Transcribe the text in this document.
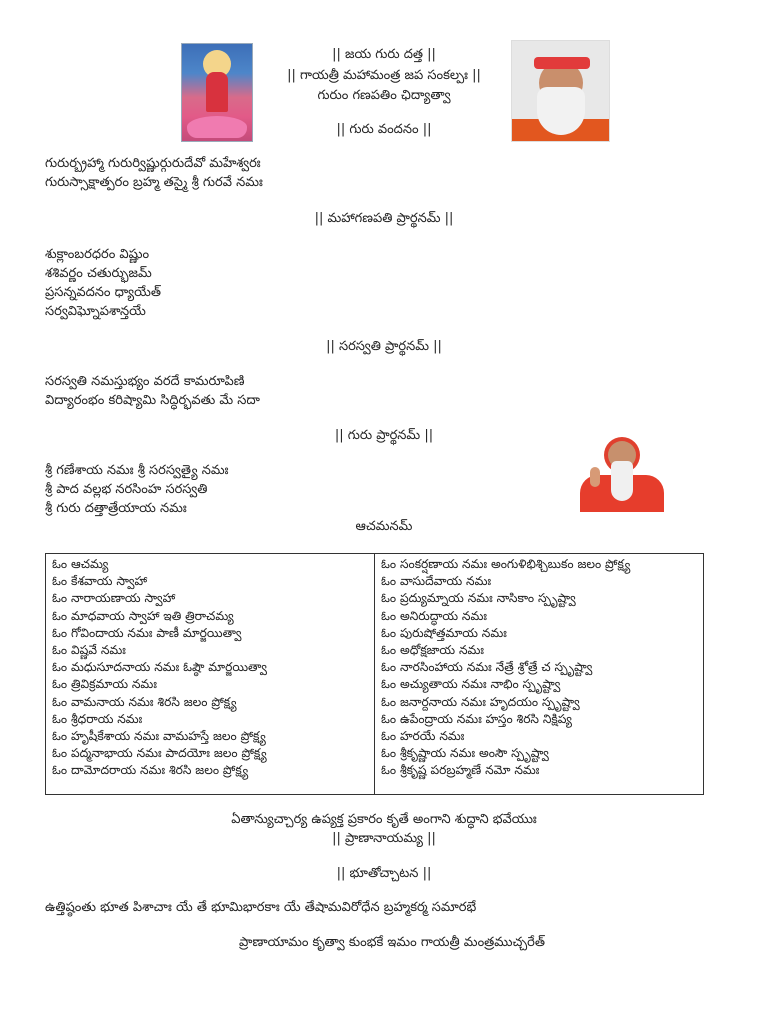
|| జయ గురు దత్త ||
|| గాయత్రీ మహామంత్ర జప సంకల్పః ||
గురుం గణపతిం ఛిద్యాత్వా
|| గురు వందనం ||
గురుర్బ్రహ్మా గురుర్విష్ణుర్గురుదేవో మహేశ్వరః
గురుస్సాక్షాత్పరం బ్రహ్మ తస్మై శ్రీ గురవే నమః
|| మహాగణపతి ప్రార్థనమ్ ||
శుక్లాంబరధరం విష్ణుం
శశివర్ణం చతుర్భుజమ్
ప్రసన్నవదనం ధ్యాయేత్
సర్వవిఘ్నోపశాన్తయే
|| సరస్వతి ప్రార్థనమ్ ||
సరస్వతి నమస్తుభ్యం వరదే కామరూపిణి
విద్యారంభం కరిష్యామి సిద్ధిర్భవతు మే సదా
|| గురు ప్రార్థనమ్ ||
శ్రీ గణేశాయ నమః శ్రీ సరస్వత్యై నమః
శ్రీ పాద వల్లభ నరసింహ సరస్వతి
శ్రీ గురు దత్తాత్రేయాయ నమః
ఆచమనమ్
ఓం ఆచమ్య
ఓం కేశవాయ స్వాహా
ఓం నారాయణాయ స్వాహా
ఓం మాధవాయ స్వాహా ఇతి త్రిరాచమ్య
ఓం గోవిందాయ నమః పాణీ మార్జయిత్వా
ఓం విష్ణవే నమః
ఓం మధుసూదనాయ నమః ఓష్ఠౌ మార్జయిత్వా
ఓం త్రివిక్రమాయ నమః
ఓం వామనాయ నమః శిరసి జలం ప్రోక్ష్య
ఓం శ్రీధరాయ నమః
ఓం హృషీకేశాయ నమః వామహస్తే జలం ప్రోక్ష్య
ఓం పద్మనాభాయ నమః పాదయోః జలం ప్రోక్ష్య
ఓం దామోదరాయ నమః శిరసి జలం ప్రోక్ష్య
ఓం సంకర్షణాయ నమః అంగుళిభిశ్చిబుకం జలం ప్రోక్ష్య
ఓం వాసుదేవాయ నమః
ఓం ప్రద్యుమ్నాయ నమః నాసికాం స్పృష్ట్వా
ఓం అనిరుద్ధాయ నమః
ఓం పురుషోత్తమాయ నమః
ఓం అధోక్షజాయ నమః
ఓం నారసింహాయ నమః నేత్రే శ్రోత్రే చ స్పృష్ట్వా
ఓం అచ్యుతాయ నమః నాభిం స్పృష్ట్వా
ఓం జనార్దనాయ నమః హృదయం స్పృష్ట్వా
ఓం ఉపేంద్రాయ నమః హస్తం శిరసి నిక్షిప్య
ఓం హరయే నమః
ఓం శ్రీకృష్ణాయ నమః అంసౌ స్పృష్ట్వా
ఓం శ్రీకృష్ణ పరబ్రహ్మణే నమో నమః
ఏతాన్యుచ్చార్య ఉప్యక్త ప్రకారం కృతే అంగాని శుద్ధాని భవేయుః
|| ప్రాణానాయమ్య ||
|| భూతోచ్చాటన ||
ఉత్తిష్ఠంతు భూత పిశాచాః యే తే భూమిభారకాః యే తేషామవిరోధేన బ్రహ్మకర్మ సమారభే
ప్రాణాయామం కృత్వా కుంభకే ఇమం గాయత్రీ మంత్రముచ్చరేత్
